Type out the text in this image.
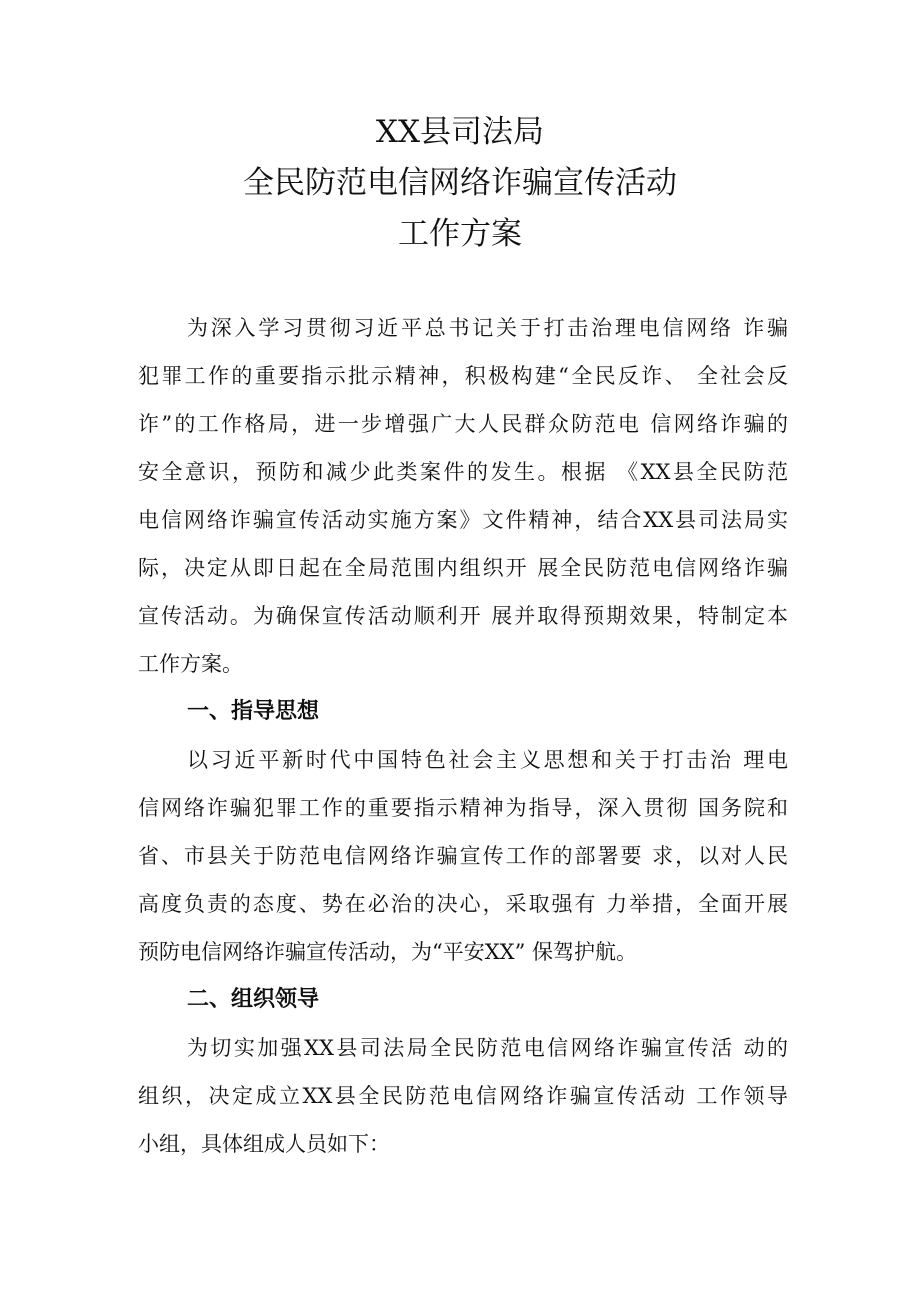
XX县司法局
全民防范电信网络诈骗宣传活动
工作方案
为深入学习贯彻习近平总书记关于打击治理电信网络 诈骗
犯罪工作的重要指示批示精神，积极构建“全民反诈、 全社会反
诈”的工作格局，进一步增强广大人民群众防范电 信网络诈骗的
安全意识，预防和减少此类案件的发生。根据 《XX县全民防范
电信网络诈骗宣传活动实施方案》文件精神，结合XX县司法局实
际，决定从即日起在全局范围内组织开 展全民防范电信网络诈骗
宣传活动。为确保宣传活动顺利开 展并取得预期效果，特制定本
工作方案。
一、指导思想
以习近平新时代中国特色社会主义思想和关于打击治 理电
信网络诈骗犯罪工作的重要指示精神为指导，深入贯彻 国务院和
省、市县关于防范电信网络诈骗宣传工作的部署要 求，以对人民
高度负责的态度、势在必治的决心，采取强有 力举措，全面开展
预防电信网络诈骗宣传活动，为“平安XX” 保驾护航。
二、组织领导
为切实加强XX县司法局全民防范电信网络诈骗宣传活 动的
组织，决定成立XX县全民防范电信网络诈骗宣传活动 工作领导
小组，具体组成人员如下：
